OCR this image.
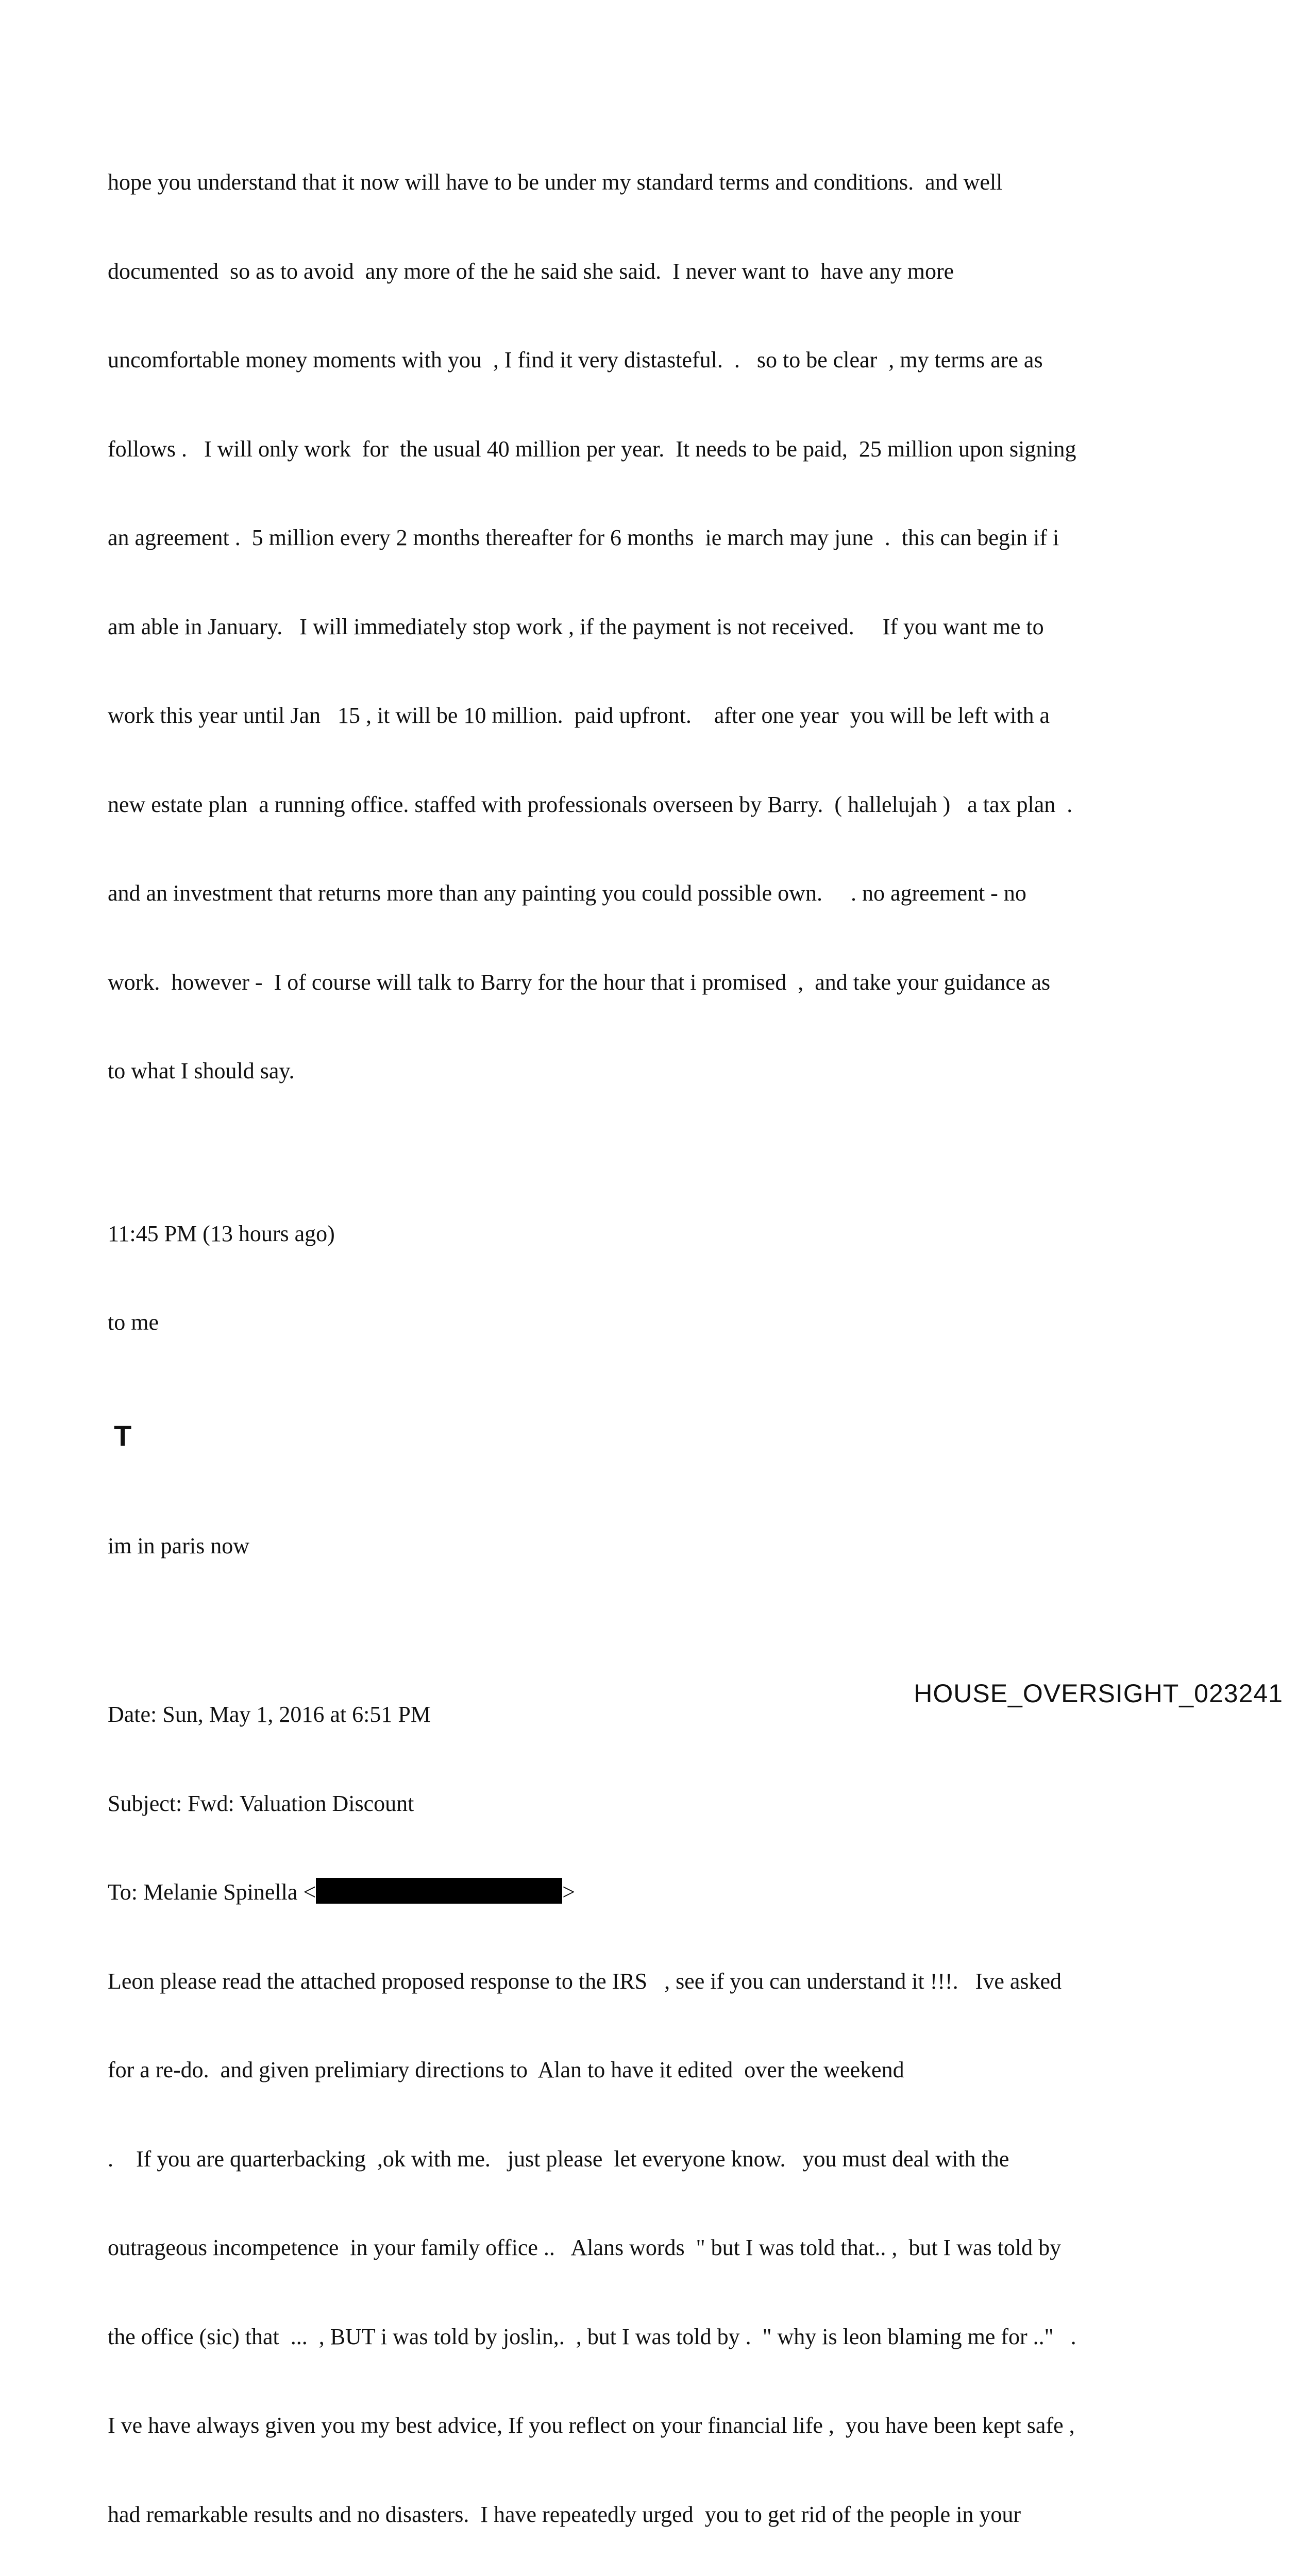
hope you understand that it now will have to be under my standard terms and conditions.  and well

documented  so as to avoid  any more of the he said she said.  I never want to  have any more

uncomfortable money moments with you  , I find it very distasteful.  .   so to be clear  , my terms are as

follows .   I will only work  for  the usual 40 million per year.  It needs to be paid,  25 million upon signing

an agreement .  5 million every 2 months thereafter for 6 months  ie march may june  .  this can begin if i

am able in January.   I will immediately stop work , if the payment is not received.     If you want me to

work this year until Jan   15 , it will be 10 million.  paid upfront.    after one year  you will be left with a

new estate plan  a running office. staffed with professionals overseen by Barry.  ( hallelujah )   a tax plan  .

and an investment that returns more than any painting you could possible own.     . no agreement - no

work.  however -  I of course will talk to Barry for the hour that i promised  ,  and take your guidance as

to what I should say.

11:45 PM (13 hours ago)

to me

T

im in paris now

Date: Sun, May 1, 2016 at 6:51 PM

Subject: Fwd: Valuation Discount

To: Melanie Spinella <	>

Leon please read the attached proposed response to the IRS   , see if you can understand it !!!.   Ive asked

for a re-do.  and given prelimiary directions to  Alan to have it edited  over the weekend

.    If you are quarterbacking  ,ok with me.   just please  let everyone know.   you must deal with the

outrageous incompetence  in your family office ..   Alans words  " but I was told that.. ,  but I was told by

the office (sic) that  ...  , BUT i was told by joslin,.  , but I was told by .  " why is leon blaming me for .."   .

I ve have always given you my best advice, If you reflect on your financial life ,  you have been kept safe ,

had remarkable results and no disasters.  I have repeatedly urged  you to get rid of the people in your

HOUSE_OVERSIGHT_023241
